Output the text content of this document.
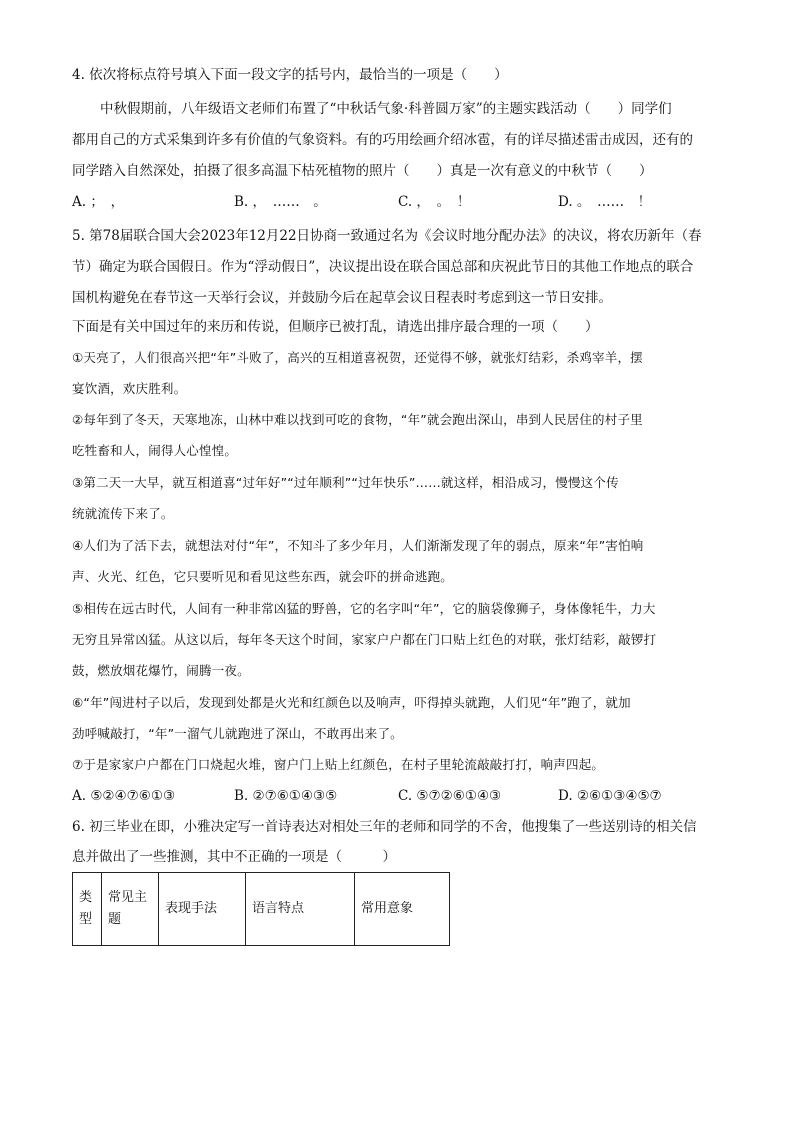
4. 依次将标点符号填入下面一段文字的括号内，最恰当的一项是（　　）
中秋假期前，八年级语文老师们布置了“中秋话气象·科普圆万家”的主题实践活动（　　）同学们
都用自己的方式采集到许多有价值的气象资料。有的巧用绘画介绍冰雹，有的详尽描述雷击成因，还有的
同学踏入自然深处，拍摄了很多高温下枯死植物的照片（　　）真是一次有意义的中秋节（　　）
A. ；　，	B. ，　……　。	C. ，　。　！	D. 。　……　！
5. 第78届联合国大会2023年12月22日协商一致通过名为《会议时地分配办法》的决议，将农历新年（春
节）确定为联合国假日。作为“浮动假日”，决议提出设在联合国总部和庆祝此节日的其他工作地点的联合
国机构避免在春节这一天举行会议，并鼓励今后在起草会议日程表时考虑到这一节日安排。
下面是有关中国过年的来历和传说，但顺序已被打乱，请选出排序最合理的一项（　　）
①天亮了，人们很高兴把“年”斗败了，高兴的互相道喜祝贺，还觉得不够，就张灯结彩，杀鸡宰羊，摆
宴饮酒，欢庆胜利。
②每年到了冬天，天寒地冻，山林中难以找到可吃的食物，“年”就会跑出深山，串到人民居住的村子里
吃牲畜和人，闹得人心惶惶。
③第二天一大早，就互相道喜“过年好”“过年顺利”“过年快乐”……就这样，相沿成习，慢慢这个传
统就流传下来了。
④人们为了活下去，就想法对付“年”，不知斗了多少年月，人们渐渐发现了年的弱点，原来“年”害怕响
声、火光、红色，它只要听见和看见这些东西，就会吓的拼命逃跑。
⑤相传在远古时代，人间有一种非常凶猛的野兽，它的名字叫“年”，它的脑袋像狮子，身体像牦牛，力大
无穷且异常凶猛。从这以后，每年冬天这个时间，家家户户都在门口贴上红色的对联，张灯结彩，敲锣打
鼓，燃放烟花爆竹，闹腾一夜。
⑥“年”闯进村子以后，发现到处都是火光和红颜色以及响声，吓得掉头就跑，人们见“年”跑了，就加
劲呼喊敲打，“年”一溜气儿就跑进了深山，不敢再出来了。
⑦于是家家户户都在门口烧起火堆，窗户门上贴上红颜色，在村子里轮流敲敲打打，响声四起。
A. ⑤②④⑦⑥①③	B. ②⑦⑥①④③⑤	C. ⑤⑦②⑥①④③	D. ②⑥①③④⑤⑦
6. 初三毕业在即，小雅决定写一首诗表达对相处三年的老师和同学的不舍，他搜集了一些送别诗的相关信
息并做出了一些推测，其中不正确的一项是（　　　）
类型	常见主题	表现手法	语言特点	常用意象
